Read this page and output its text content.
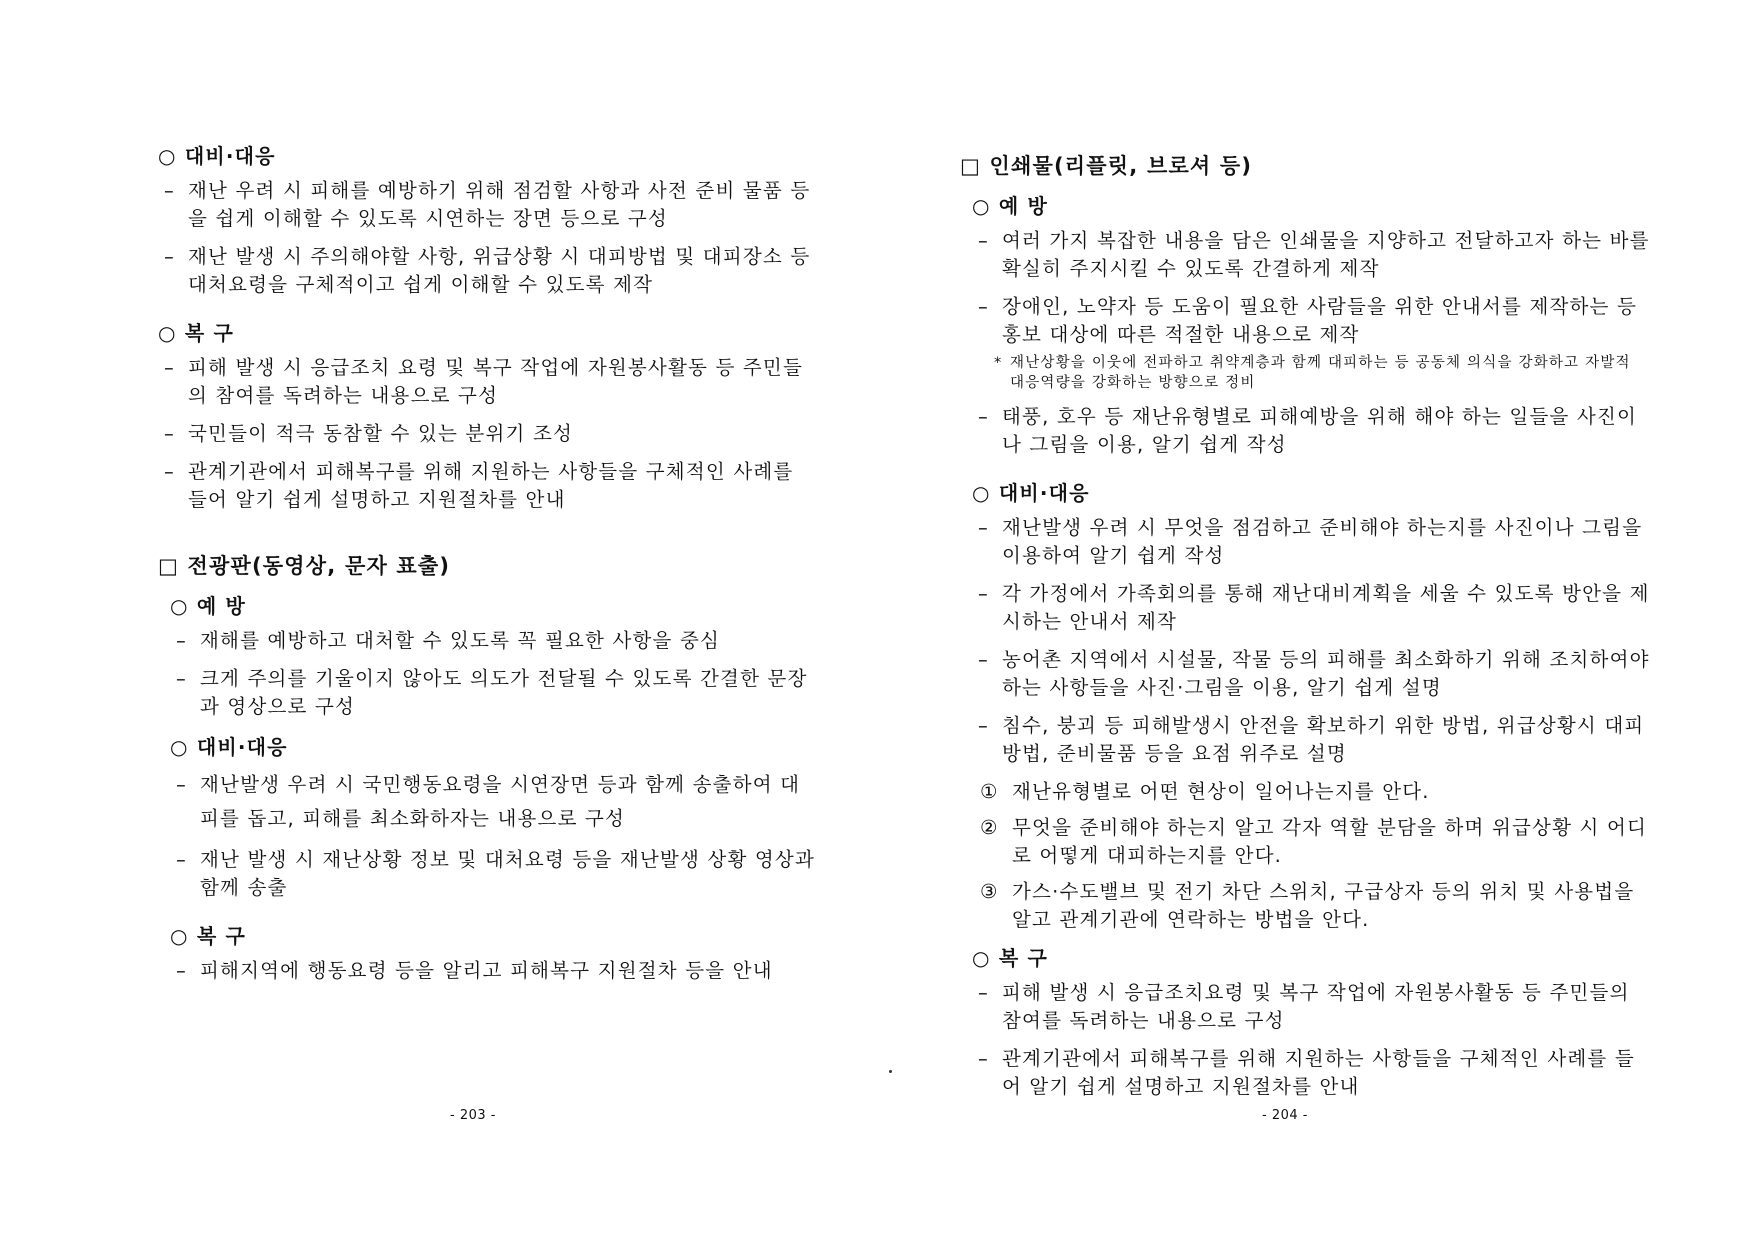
○ 대비·대응
– 재난 우려 시 피해를 예방하기 위해 점검할 사항과 사전 준비 물품 등을 쉽게 이해할 수 있도록 시연하는 장면 등으로 구성
– 재난 발생 시 주의해야할 사항, 위급상황 시 대피방법 및 대피장소 등 대처요령을 구체적이고 쉽게 이해할 수 있도록 제작
○ 복 구
– 피해 발생 시 응급조치 요령 및 복구 작업에 자원봉사활동 등 주민들의 참여를 독려하는 내용으로 구성
– 국민들이 적극 동참할 수 있는 분위기 조성
– 관계기관에서 피해복구를 위해 지원하는 사항들을 구체적인 사례를 들어 알기 쉽게 설명하고 지원절차를 안내
□ 전광판(동영상, 문자 표출)
○ 예 방
– 재해를 예방하고 대처할 수 있도록 꼭 필요한 사항을 중심
– 크게 주의를 기울이지 않아도 의도가 전달될 수 있도록 간결한 문장과 영상으로 구성
○ 대비·대응
– 재난발생 우려 시 국민행동요령을 시연장면 등과 함께 송출하여 대피를 돕고, 피해를 최소화하자는 내용으로 구성
– 재난 발생 시 재난상황 정보 및 대처요령 등을 재난발생 상황 영상과 함께 송출
○ 복 구
– 피해지역에 행동요령 등을 알리고 피해복구 지원절차 등을 안내
- 203 -
□ 인쇄물(리플릿, 브로셔 등)
○ 예 방
– 여러 가지 복잡한 내용을 담은 인쇄물을 지양하고 전달하고자 하는 바를 확실히 주지시킬 수 있도록 간결하게 제작
– 장애인, 노약자 등 도움이 필요한 사람들을 위한 안내서를 제작하는 등 홍보 대상에 따른 적절한 내용으로 제작
* 재난상황을 이웃에 전파하고 취약계층과 함께 대피하는 등 공동체 의식을 강화하고 자발적 대응역량을 강화하는 방향으로 정비
– 태풍, 호우 등 재난유형별로 피해예방을 위해 해야 하는 일들을 사진이나 그림을 이용, 알기 쉽게 작성
○ 대비·대응
– 재난발생 우려 시 무엇을 점검하고 준비해야 하는지를 사진이나 그림을 이용하여 알기 쉽게 작성
– 각 가정에서 가족회의를 통해 재난대비계획을 세울 수 있도록 방안을 제시하는 안내서 제작
– 농어촌 지역에서 시설물, 작물 등의 피해를 최소화하기 위해 조치하여야 하는 사항들을 사진·그림을 이용, 알기 쉽게 설명
– 침수, 붕괴 등 피해발생시 안전을 확보하기 위한 방법, 위급상황시 대피방법, 준비물품 등을 요점 위주로 설명
① 재난유형별로 어떤 현상이 일어나는지를 안다.
② 무엇을 준비해야 하는지 알고 각자 역할 분담을 하며 위급상황 시 어디로 어떻게 대피하는지를 안다.
③ 가스·수도밸브 및 전기 차단 스위치, 구급상자 등의 위치 및 사용법을 알고 관계기관에 연락하는 방법을 안다.
○ 복 구
– 피해 발생 시 응급조치요령 및 복구 작업에 자원봉사활동 등 주민들의 참여를 독려하는 내용으로 구성
– 관계기관에서 피해복구를 위해 지원하는 사항들을 구체적인 사례를 들어 알기 쉽게 설명하고 지원절차를 안내
- 204 -
